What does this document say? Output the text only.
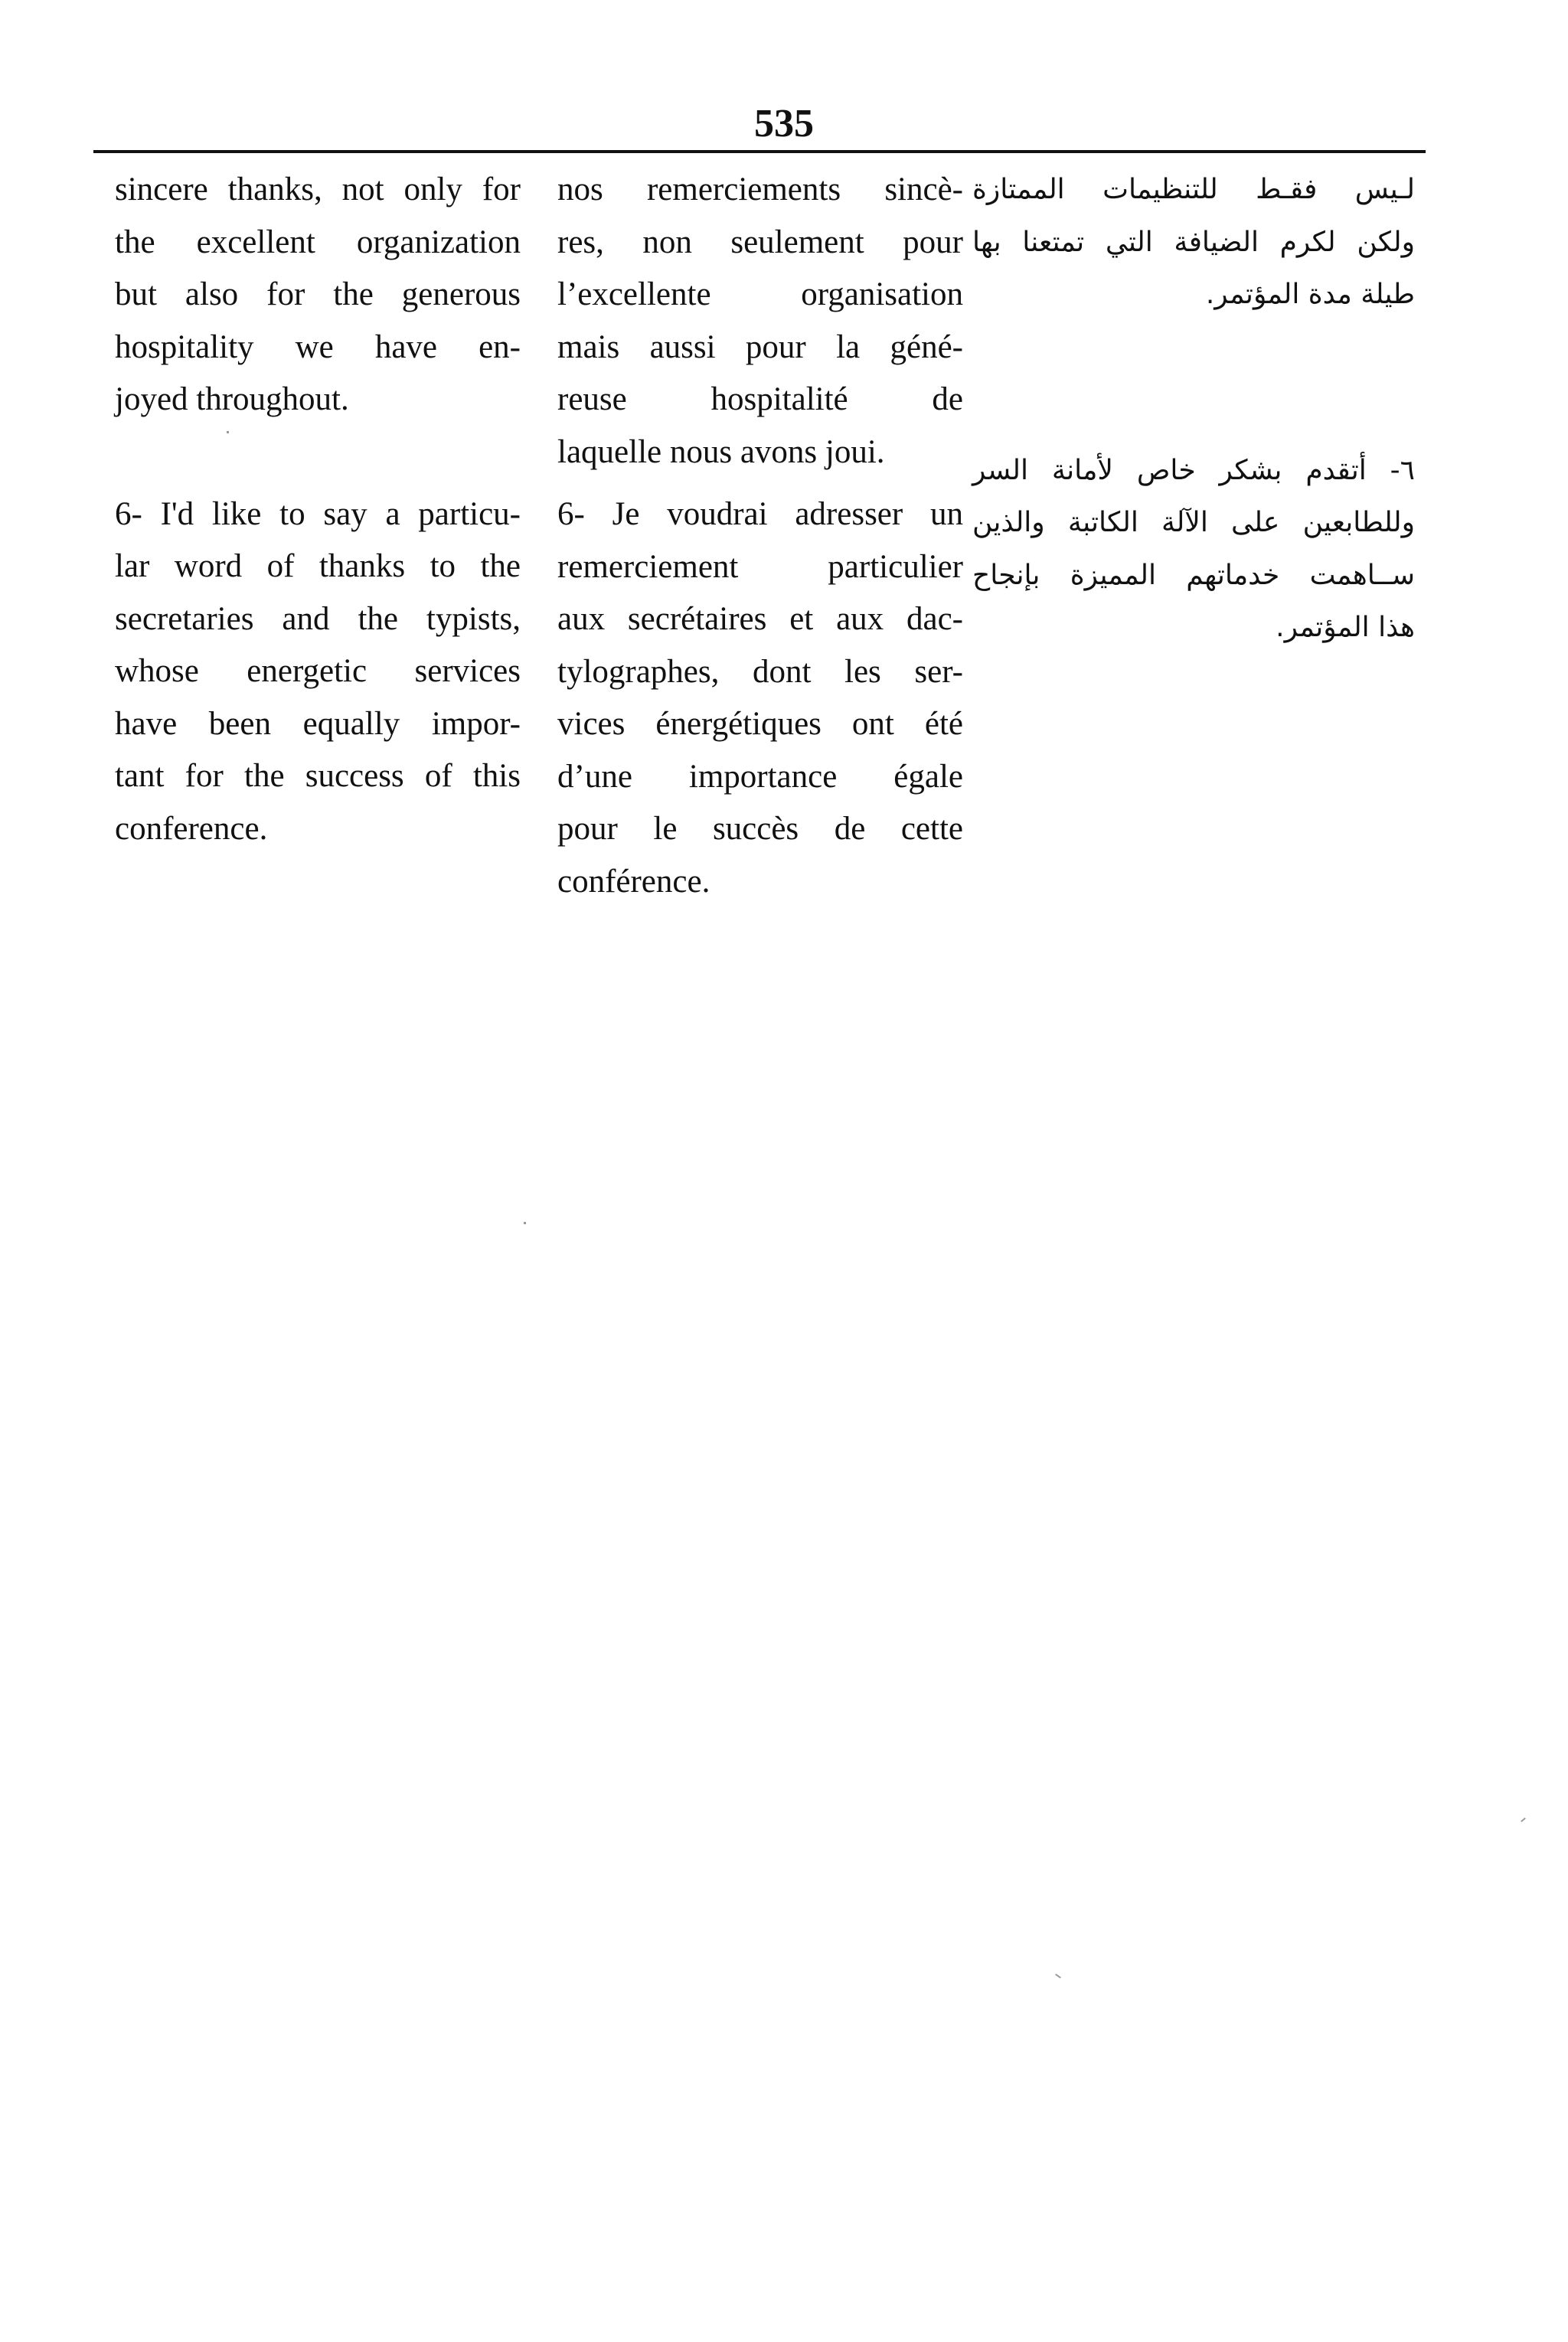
535
sincere thanks, not only for
the excellent organization
but also for the generous
hospitality we have en-
joyed throughout.
6- I'd like to say a particu-
lar word of thanks to the
secretaries and the typists,
whose energetic services
have been equally impor-
tant for the success of this
conference.
nos remerciements sincè-
res, non seulement pour
l’excellente organisation
mais aussi pour la géné-
reuse hospitalité de
laquelle nous avons joui.
6- Je voudrai adresser un
remerciement particulier
aux secrétaires et aux dac-
tylographes, dont les ser-
vices énergétiques ont été
d’une importance égale
pour le succès de cette
conférence.
لـيس فقـط للتنظيمات الممتازة
ولكن لكرم الضيافة التي تمتعنا بها
طيلة مدة المؤتمر.
٦- أتقدم بشكر خاص لأمانة السر
وللطابعين على الآلة الكاتبة والذين
ســاهمت خدماتهم المميزة بإنجاح
هذا المؤتمر.
